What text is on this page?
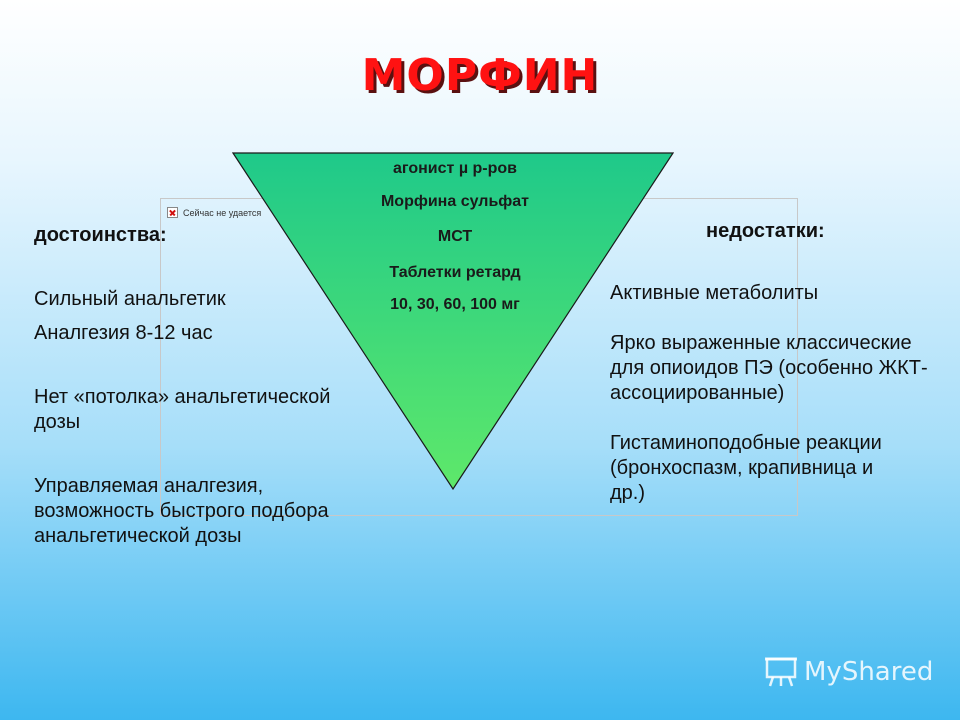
МОРФИН
Сейчас не удается
агонист µ р-ров
Морфина сульфат
МСТ
Таблетки ретард
10, 30, 60, 100 мг
достоинства:
Сильный анальгетик
Аналгезия 8-12 час
Нет «потолка» анальгетической дозы
Управляемая аналгезия, возможность быстрого подбора анальгетической дозы
недостатки:
Активные метаболиты
Ярко выраженные классические для опиоидов ПЭ (особенно ЖКТ-ассоциированные)
Гистаминоподобные реакции (бронхоспазм, крапивница и др.)
MyShared
